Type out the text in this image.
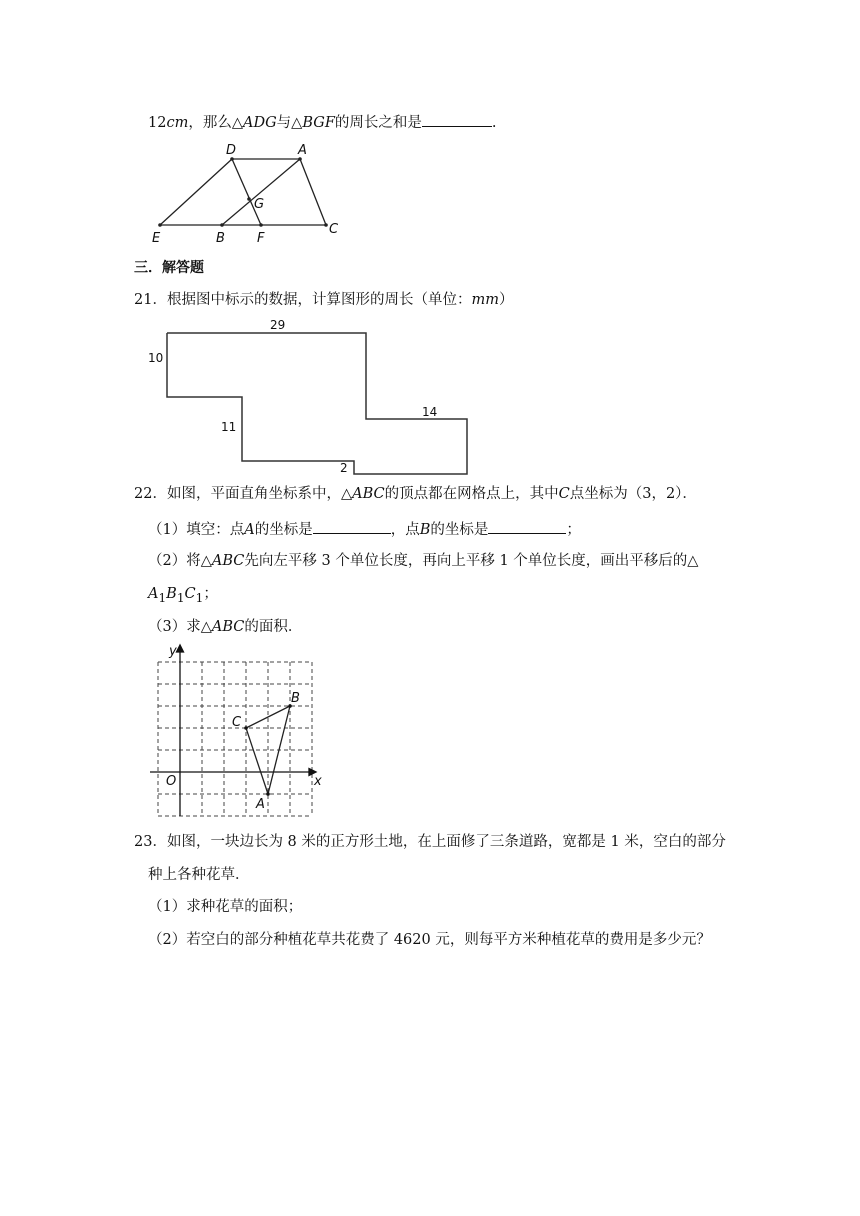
12cm，那么△ADG与△BGF的周长之和是	.
D	A
G
E	B F
C
三．解答题
21．根据图中标示的数据，计算图形的周长（单位：mm）
29
10
11
14
2
22．如图，平面直角坐标系中，△ABC的顶点都在网格点上，其中C点坐标为（3，2）．
（1）填空：点A的坐标是	，点B的坐标是	；
（2）将△ABC先向左平移 3 个单位长度，再向上平移 1 个单位长度，画出平移后的△
$A_1B_1C_1$；
（3）求△ABC的面积．
y
x
O
C
B
A
23．如图，一块边长为 8 米的正方形土地，在上面修了三条道路，宽都是 1 米，空白的部分
种上各种花草．
（1）求种花草的面积；
（2）若空白的部分种植花草共花费了 4620 元，则每平方米种植花草的费用是多少元？
